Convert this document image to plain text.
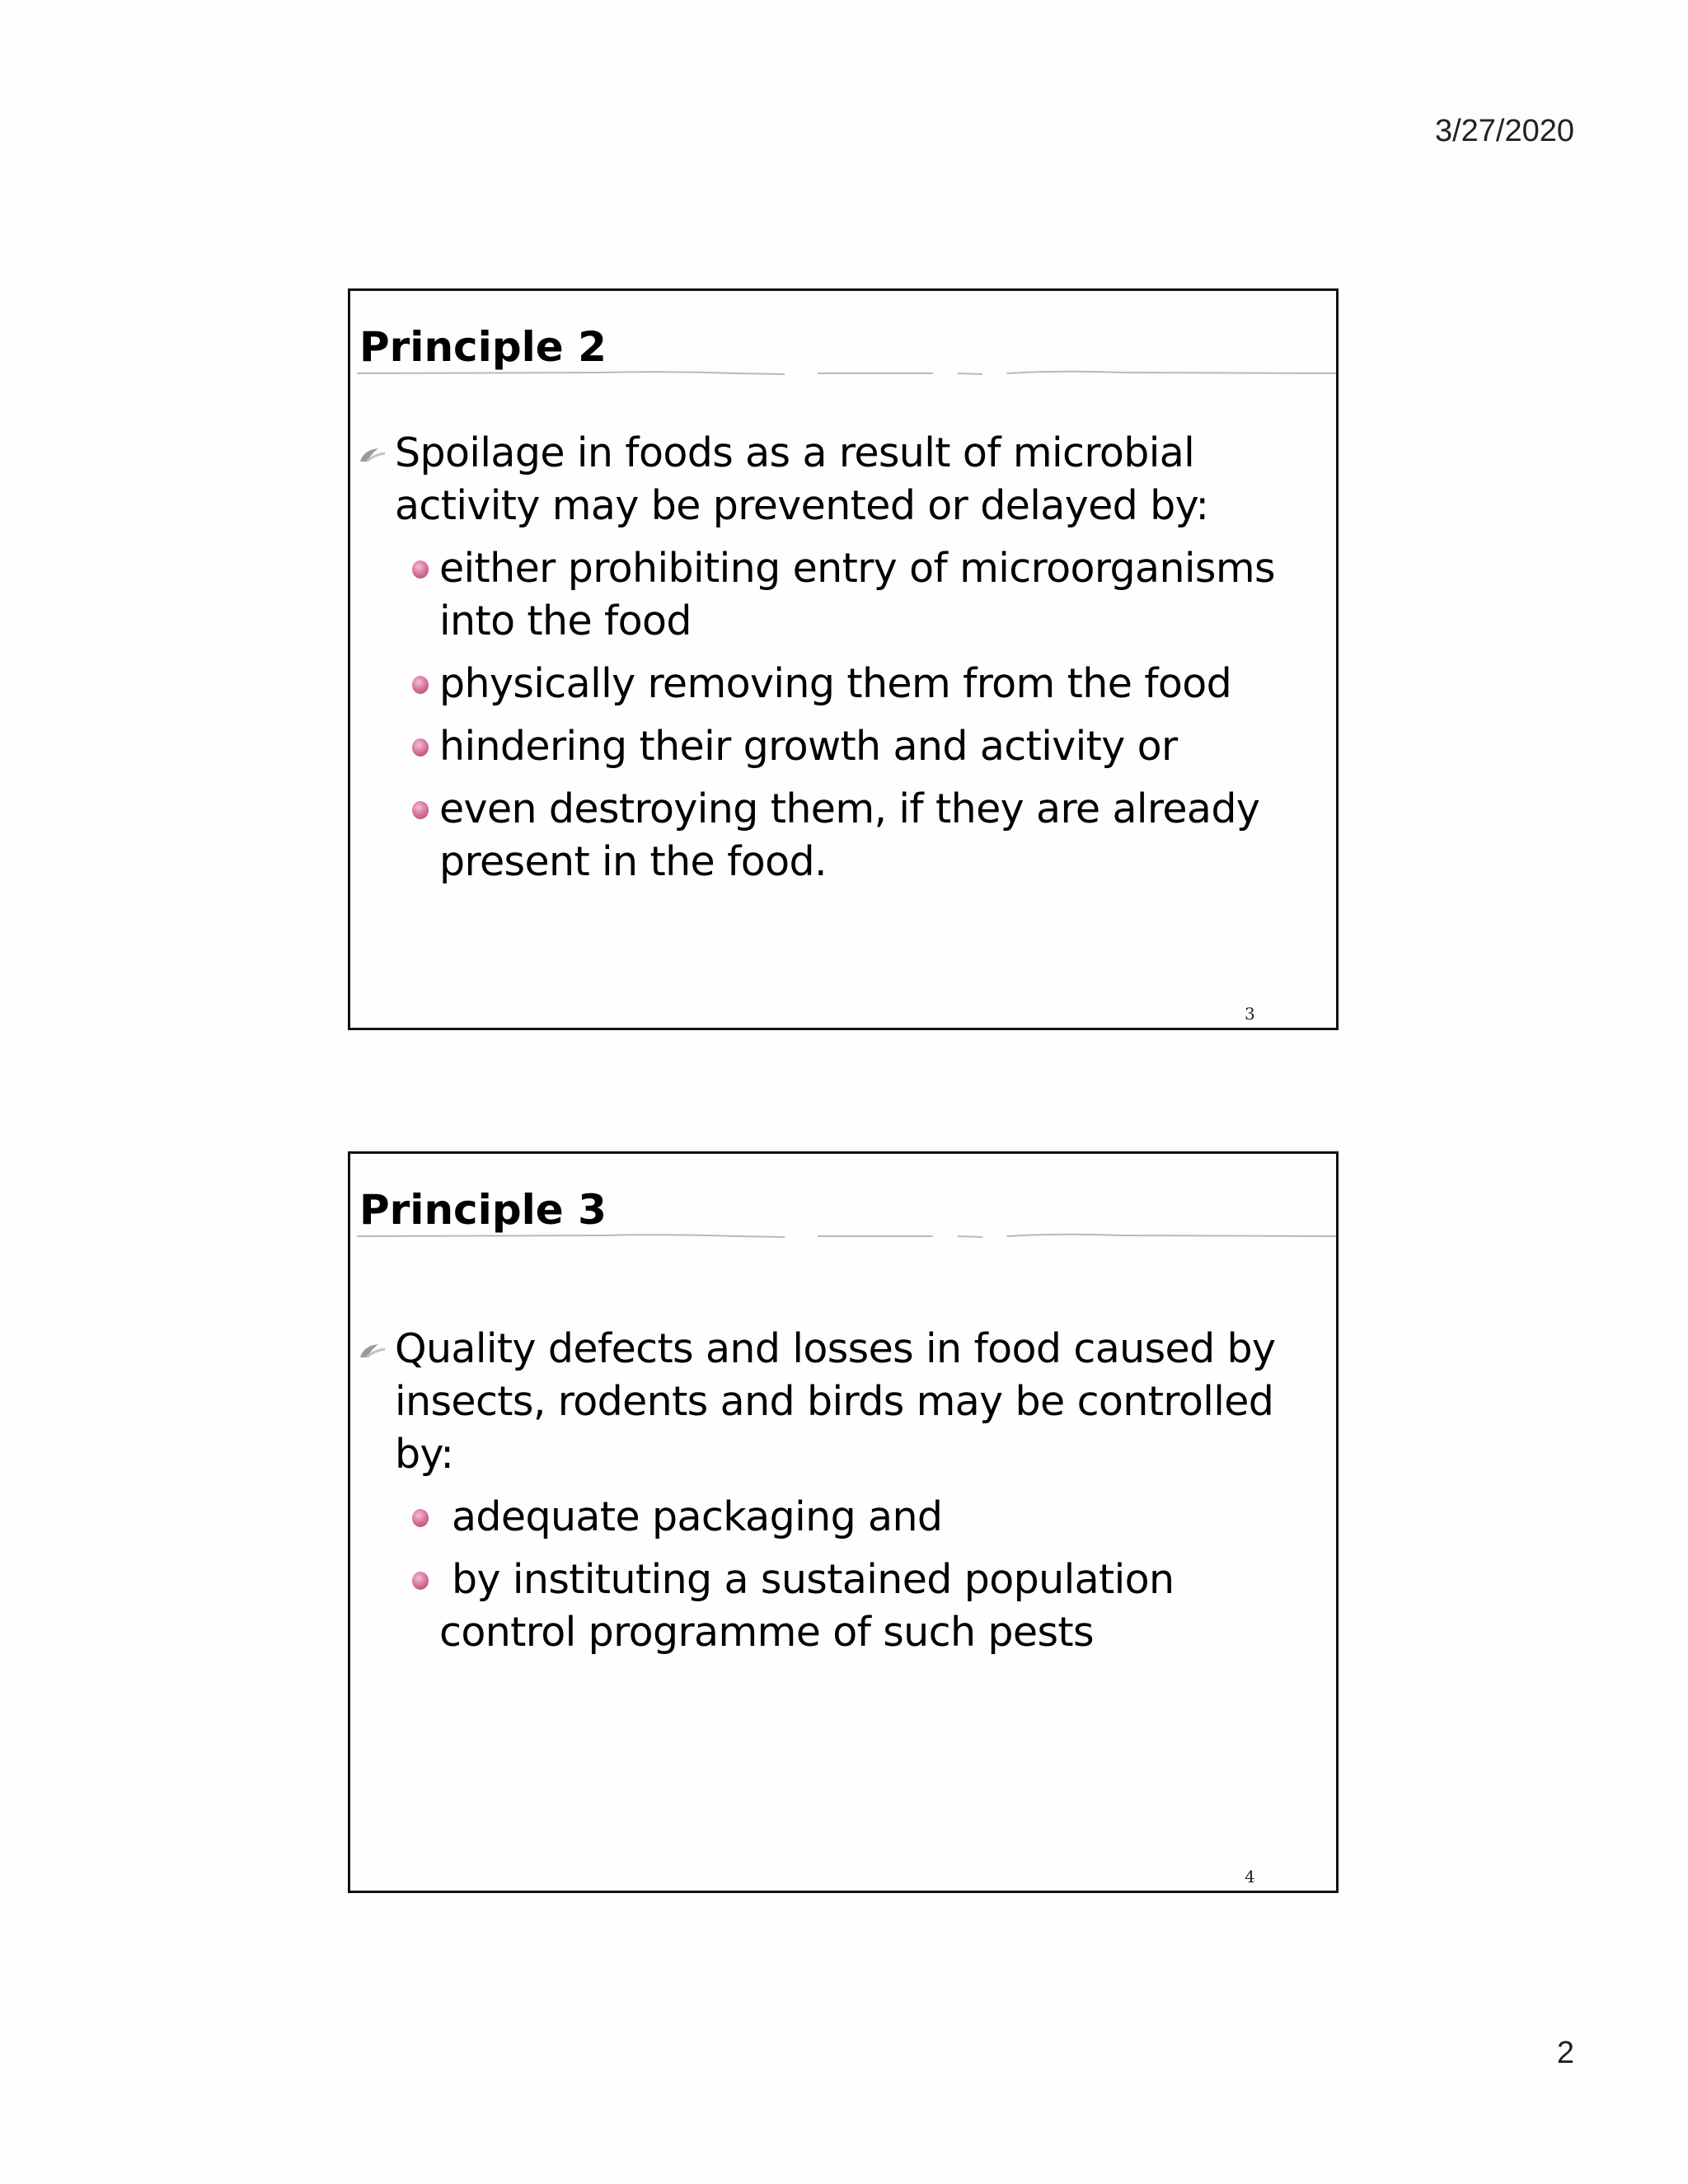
3/27/2020
Principle 2
Spoilage in foods as a result of microbial activity may be prevented or delayed by:
either prohibiting entry of microorganisms into the food
physically removing them from the food
hindering their growth and activity or
even destroying them, if they are already present in the food.
3
Principle 3
Quality defects and losses in food caused by insects, rodents and birds may be controlled by:
adequate packaging and
by instituting a sustained population control programme of such pests
4
2
